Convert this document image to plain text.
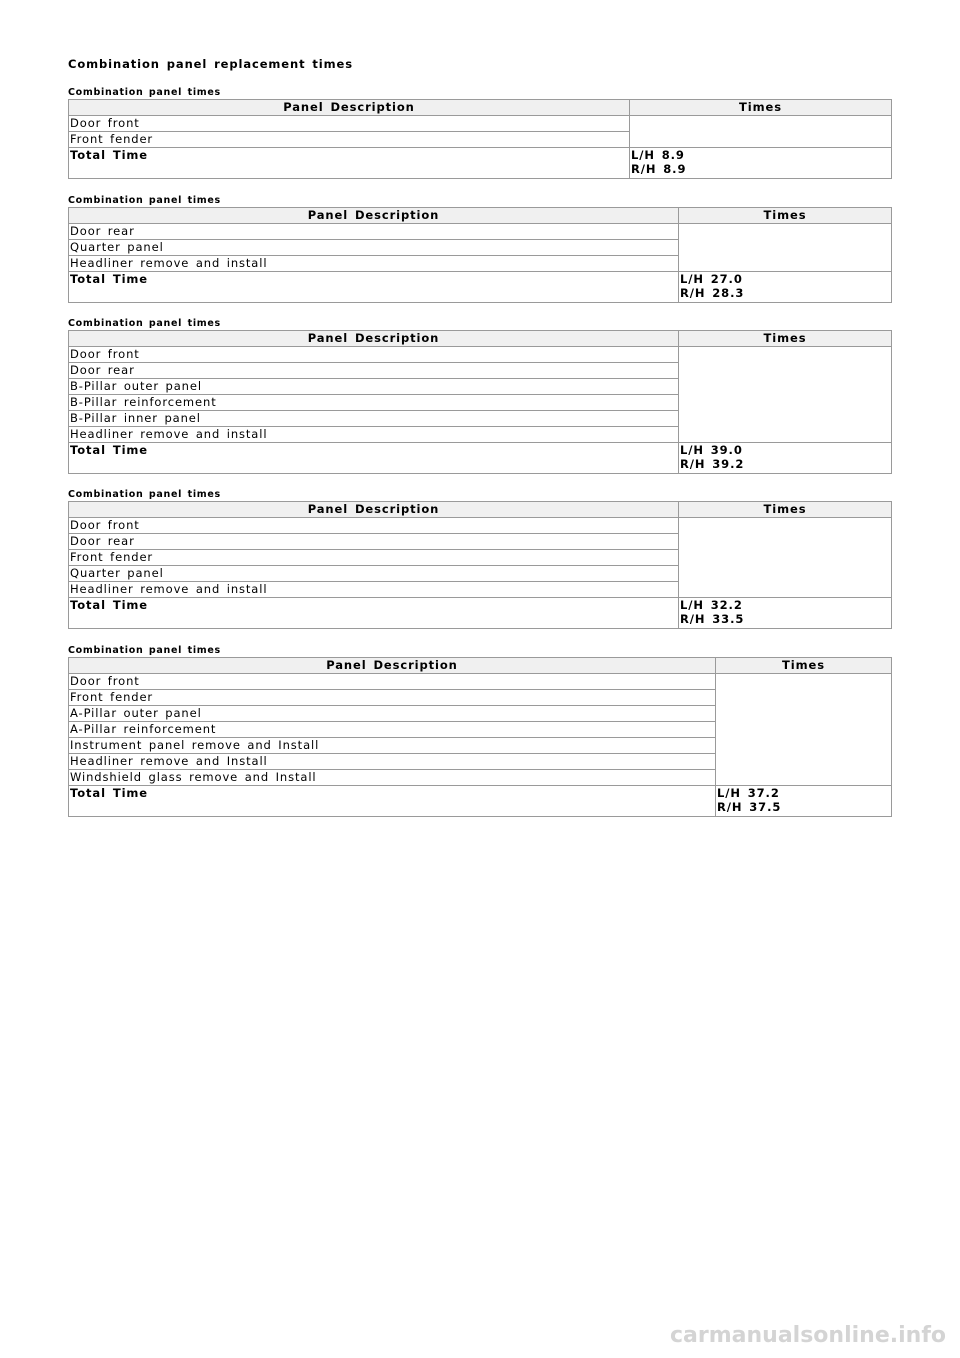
Combination panel replacement times
Combination panel times
Panel Description	Times
Door front	
Front fender	
Total Time	L/H 8.9
R/H 8.9
Combination panel times
Panel Description	Times
Door rear	
Quarter panel	
Headliner remove and install	
Total Time	L/H 27.0
R/H 28.3
Combination panel times
Panel Description	Times
Door front	
Door rear	
B-Pillar outer panel	
B-Pillar reinforcement	
B-Pillar inner panel	
Headliner remove and install	
Total Time	L/H 39.0
R/H 39.2
Combination panel times
Panel Description	Times
Door front	
Door rear	
Front fender	
Quarter panel	
Headliner remove and install	
Total Time	L/H 32.2
R/H 33.5
Combination panel times
Panel Description	Times
Door front	
Front fender	
A-Pillar outer panel	
A-Pillar reinforcement	
Instrument panel remove and Install	
Headliner remove and Install	
Windshield glass remove and Install	
Total Time	L/H 37.2
R/H 37.5
carmanualsonline.info
